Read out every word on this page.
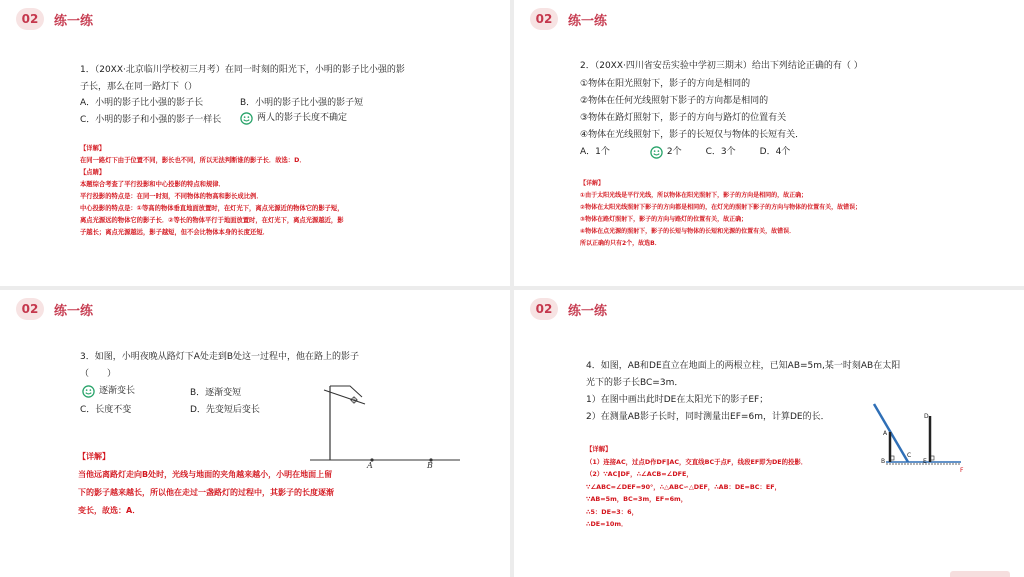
02	练一练
1．（20XX·北京临川学校初三月考）在同一时刻的阳光下，小明的影子比小强的影
子长，那么在同一路灯下（）
A．小明的影子比小强的影子长	B．小明的影子比小强的影子短
C．小明的影子和小强的影子一样长	两人的影子长度不确定
【详解】
在同一路灯下由于位置不同，影长也不同，所以无法判断谁的影子长．故选：D．
【点睛】
本题综合考查了平行投影和中心投影的特点和规律．
平行投影的特点是：在同一时刻，不同物体的物高和影长成比例．
中心投影的特点是：①等高的物体垂直地面放置时，在灯光下，离点光源近的物体它的影子短，
离点光源远的物体它的影子长．②等长的物体平行于地面放置时，在灯光下，离点光源越近，影
子越长；离点光源越远，影子越短，但不会比物体本身的长度还短．
02	练一练
2．（20XX·四川省安岳实验中学初三期末）给出下列结论正确的有（ ）
①物体在阳光照射下，影子的方向是相同的
②物体在任何光线照射下影子的方向都是相同的
③物体在路灯照射下，影子的方向与路灯的位置有关
④物体在光线照射下，影子的长短仅与物体的长短有关．
A．1个	2个	C．3个	D．4个
【详解】
①由于太阳光线是平行光线，所以物体在阳光照射下，影子的方向是相同的，故正确；
②物体在太阳光线照射下影子的方向都是相同的，在灯光的照射下影子的方向与物体的位置有关，故错误；
③物体在路灯照射下，影子的方向与路灯的位置有关，故正确；
④物体在点光源的照射下，影子的长短与物体的长短和光源的位置有关，故错误．
所以正确的只有2个，故选B．
02	练一练
3．如图，小明夜晚从路灯下A处走到B处这一过程中，他在路上的影子
（　　）
逐渐变长	B．逐渐变短
C．长度不变	D．先变短后变长
A	B
【详解】
当他远离路灯走向B处时，光线与地面的夹角越来越小，小明在地面上留
下的影子越来越长，所以他在走过一盏路灯的过程中，其影子的长度逐渐
变长，故选：A．
02	练一练
4．如图，AB和DE直立在地面上的两根立柱，已知AB=5m,某一时刻AB在太阳
光下的影子长BC=3m．
1）在图中画出此时DE在太阳光下的影子EF；
2）在测量AB影子长时，同时测量出EF=6m，计算DE的长．
A
B
C
D
E
F
【详解】
（1）连接AC，过点D作DF∥AC，交直线BC于点F，线段EF即为DE的投影．
（2）∵AC∥DF，∴∠ACB=∠DFE，
∵∠ABC=∠DEF=90°，∴△ABC∽△DEF，∴AB：DE=BC：EF，
∵AB=5m，BC=3m，EF=6m，
∴5：DE=3：6，
∴DE=10m．
